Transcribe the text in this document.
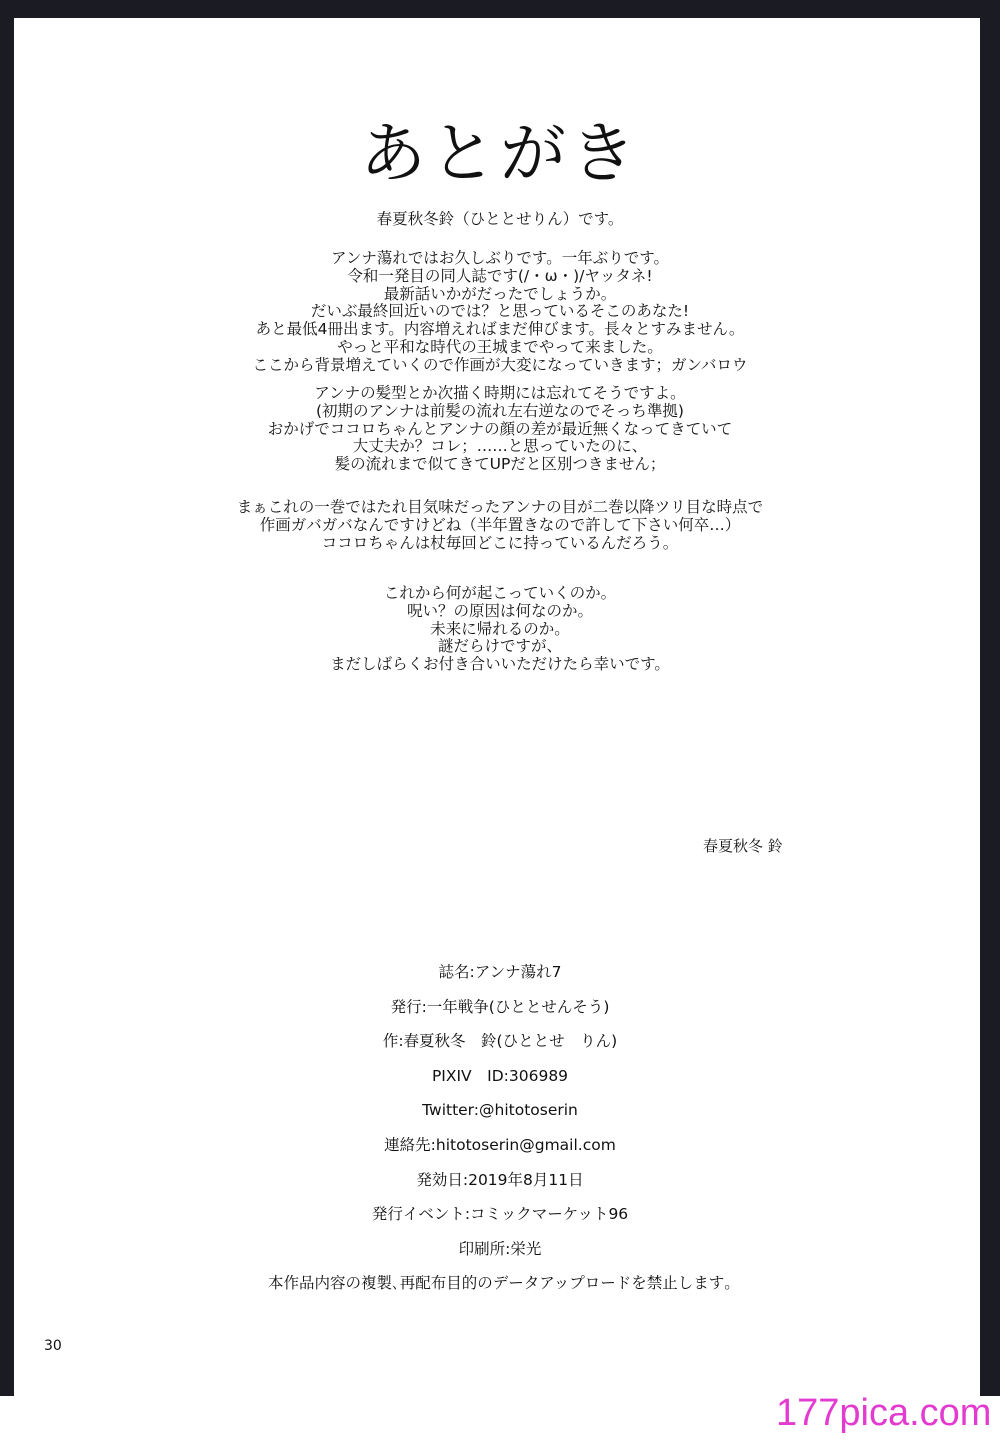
あとがき
春夏秋冬鈴（ひととせりん）です。
アンナ蕩れではお久しぶりです。一年ぶりです。
令和一発目の同人誌です(/・ω・)/ヤッタネ!
最新話いかがだったでしょうか。
だいぶ最終回近いのでは？と思っているそこのあなた!
あと最低4冊出ます。内容増えればまだ伸びます。長々とすみません。
やっと平和な時代の王城までやって来ました。
ここから背景増えていくので作画が大変になっていきます；ガンバロウ
アンナの髪型とか次描く時期には忘れてそうですよ。
(初期のアンナは前髪の流れ左右逆なのでそっち準拠)
おかげでココロちゃんとアンナの顔の差が最近無くなってきていて
大丈夫か？コレ；……と思っていたのに、
髪の流れまで似てきてUPだと区別つきません；
まぁこれの一巻ではたれ目気味だったアンナの目が二巻以降ツリ目な時点で
作画ガバガバなんですけどね（半年置きなので許して下さい何卒…）
ココロちゃんは杖毎回どこに持っているんだろう。
これから何が起こっていくのか。
呪い？の原因は何なのか。
未来に帰れるのか。
謎だらけですが、
まだしばらくお付き合いいただけたら幸いです。
春夏秋冬 鈴
誌名:アンナ蕩れ7
発行:一年戦争(ひととせんそう)
作:春夏秋冬　鈴(ひととせ　りん)
PIXIV　ID:306989
Twitter:@hitotoserin
連絡先:hitotoserin@gmail.com
発効日:2019年8月11日
発行イベント:コミックマーケット96
印刷所:栄光
本作品内容の複製､再配布目的のデータアップロードを禁止します｡
30
177pica.com
